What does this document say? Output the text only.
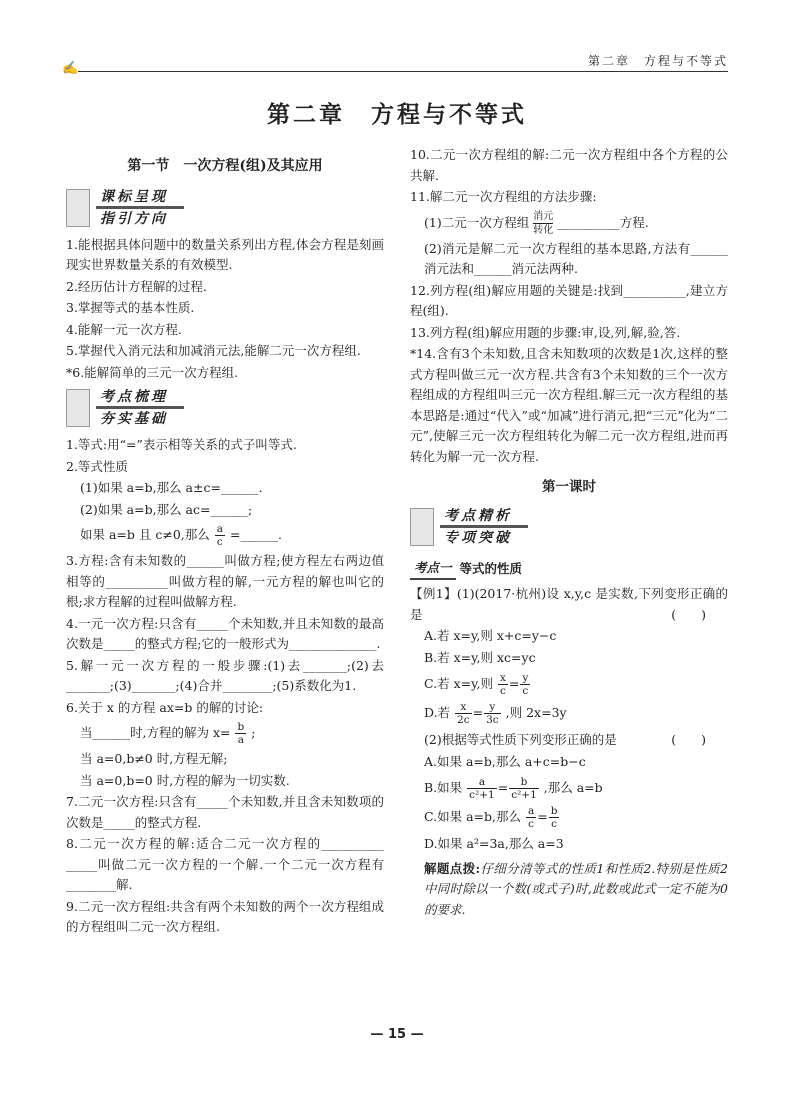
✍	第二章　方程与不等式
第二章　方程与不等式
第一节　一次方程(组)及其应用
课标呈现
指引方向

1.能根据具体问题中的数量关系列出方程,体会方程是刻画现实世界数量关系的有效模型.

2.经历估计方程解的过程.

3.掌握等式的基本性质.

4.能解一元一次方程.

5.掌握代入消元法和加减消元法,能解二元一次方程组.

*6.能解简单的三元一次方程组.

考点梳理
夯实基础

1.等式:用“=”表示相等关系的式子叫等式.

2.等式性质

(1)如果 a=b,那么 a±c=______.

(2)如果 a=b,那么 ac=______;

如果 a=b 且 c≠0,那么 $\frac{a}{c}$ =______.

3.方程:含有未知数的______叫做方程;使方程左右两边值相等的__________叫做方程的解,一元方程的解也叫它的根;求方程解的过程叫做解方程.

4.一元一次方程:只含有_____个未知数,并且未知数的最高次数是_____的整式方程;它的一般形式为______________.

5.解一元一次方程的一般步骤:(1)去_______;(2)去_______;(3)_______;(4)合并________;(5)系数化为1.

6.关于 x 的方程 ax=b 的解的讨论:

当______时,方程的解为 $x= \frac{b}{a}$ ;

当 a=0,b≠0 时,方程无解;

当 a=0,b=0 时,方程的解为一切实数.

7.二元一次方程:只含有_____个未知数,并且含未知数项的次数是_____的整式方程.

8.二元一次方程的解:适合二元一次方程的__________ _____叫做二元一次方程的一个解.一个二元一次方程有________解.

9.二元一次方程组:共含有两个未知数的两个一次方程组成的方程组叫二元一次方程组.

10.二元一次方程组的解:二元一次方程组中各个方程的公共解.

11.解二元一次方程组的方法步骤:

(1)二元一次方程组 消元
转化
__________方程.

(2)消元是解二元一次方程组的基本思路,方法有______消元法和______消元法两种.

12.列方程(组)解应用题的关键是:找到__________,建立方程(组).

13.列方程(组)解应用题的步骤:审,设,列,解,验,答.

*14.含有3个未知数,且含未知数项的次数是1次,这样的整式方程叫做三元一次方程.共含有3个未知数的三个一次方程组成的方程组叫三元一次方程组.解三元一次方程组的基本思路是:通过“代入”或“加减”进行消元,把“三元”化为“二元”,使解三元一次方程组转化为解二元一次方程组,进而再转化为解一元一次方程.

第一课时
考点精析
专项突破
考点一 等式的性质

【例1】(1)(2017·杭州)设 x,y,c 是实数,下列变形正确的是	(　　)

A.若 x=y,则 x+c=y−c

B.若 x=y,则 xc=yc

C.若 x=y,则 $\frac{x}{c} = \frac{y}{c}$

D.若 $\frac{x}{2c} = \frac{y}{3c}$ ,则 2x=3y

(2)根据等式性质下列变形正确的是	(　　)

A.如果 a=b,那么 a+c=b−c

B.如果 $\frac{a}{\text{c²+1}} = \frac{b}{\text{c²+1}}$ ,那么 a=b

C.如果 a=b,那么 $\frac{a}{c} = \frac{b}{c}$

D.如果 a²=3a,那么 a=3

解题点拨:仔细分清等式的性质1和性质2.特别是性质2中同时除以一个数(或式子)时,此数或此式一定不能为0的要求.

— 15 —
